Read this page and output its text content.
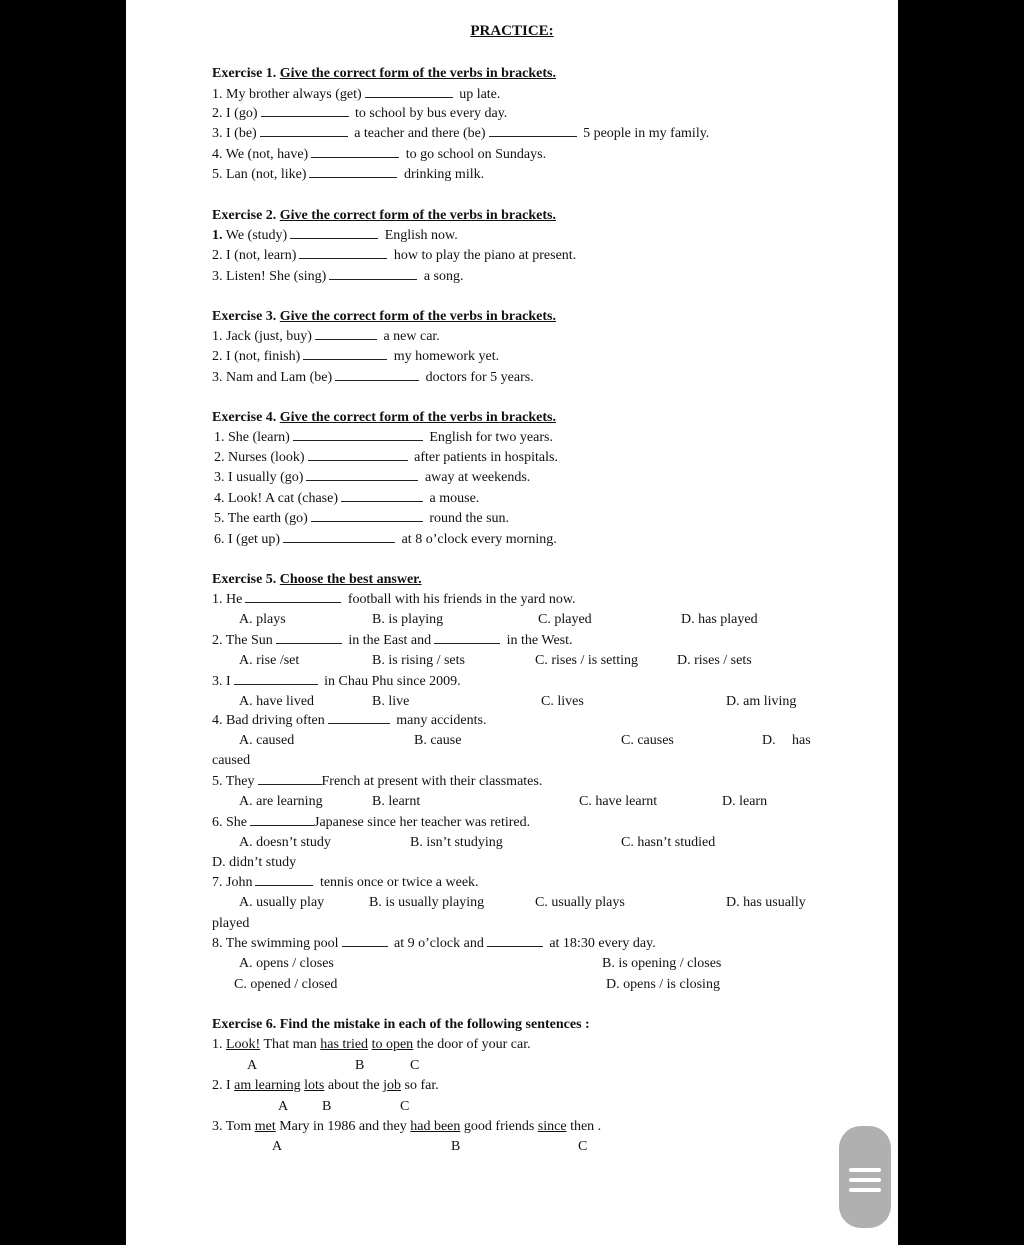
PRACTICE:
Exercise 1. Give the correct form of the verbs in brackets.
1. My brother always (get)	up late.
2. I (go)	to school by bus every day.
3. I (be)	a teacher and there (be)	5 people in my family.
4. We (not, have)	to go school on Sundays.
5. Lan (not, like)	drinking milk.
Exercise 2. Give the correct form of the verbs in brackets.
1. We (study)	English now.
2. I (not, learn)	how to play the piano at present.
3. Listen! She (sing)	a song.
Exercise 3. Give the correct form of the verbs in brackets.
1. Jack (just, buy)	a new car.
2. I (not, finish)	my homework yet.
3. Nam and Lam (be)	doctors for 5 years.
Exercise 4. Give the correct form of the verbs in brackets.
1. She (learn)	English for two years.
2. Nurses (look)	after patients in hospitals.
3. I usually (go)	away at weekends.
4. Look! A cat (chase)	a mouse.
5. The earth (go)	round the sun.
6. I (get up)	at 8 o’clock every morning.
Exercise 5. Choose the best answer.
1. He	football with his friends in the yard now.
A. plays	B. is playing	C. played	D. has played
2. The Sun	in the East and	in the West.
A. rise /set	B. is rising / sets	C. rises / is setting	D. rises / sets
3. I	in Chau Phu since 2009.
A. have lived	B. live	C. lives	D. am living
4. Bad driving often	many accidents.
A. caused	B. cause	C. causes	D. has
caused
5. They	French at present with their classmates.
A. are learning	B. learnt	C. have learnt	D. learn
6. She	Japanese since her teacher was retired.
A. doesn’t study	B. isn’t studying	C. hasn’t studied
D. didn’t study
7. John	tennis once or twice a week.
A. usually play	B. is usually playing	C. usually plays	D. has usually
played
8. The swimming pool	at 9 o’clock and	at 18:30 every day.
A. opens / closes	B. is opening / closes
C. opened / closed	D. opens / is closing
Exercise 6. Find the mistake in each of the following sentences :
1. Look! That man has tried to open the door of your car.
A	B	C
2. I am learning lots about the job so far.
A B	C
3. Tom met Mary in 1986 and they had been good friends since then .
A	B	C
